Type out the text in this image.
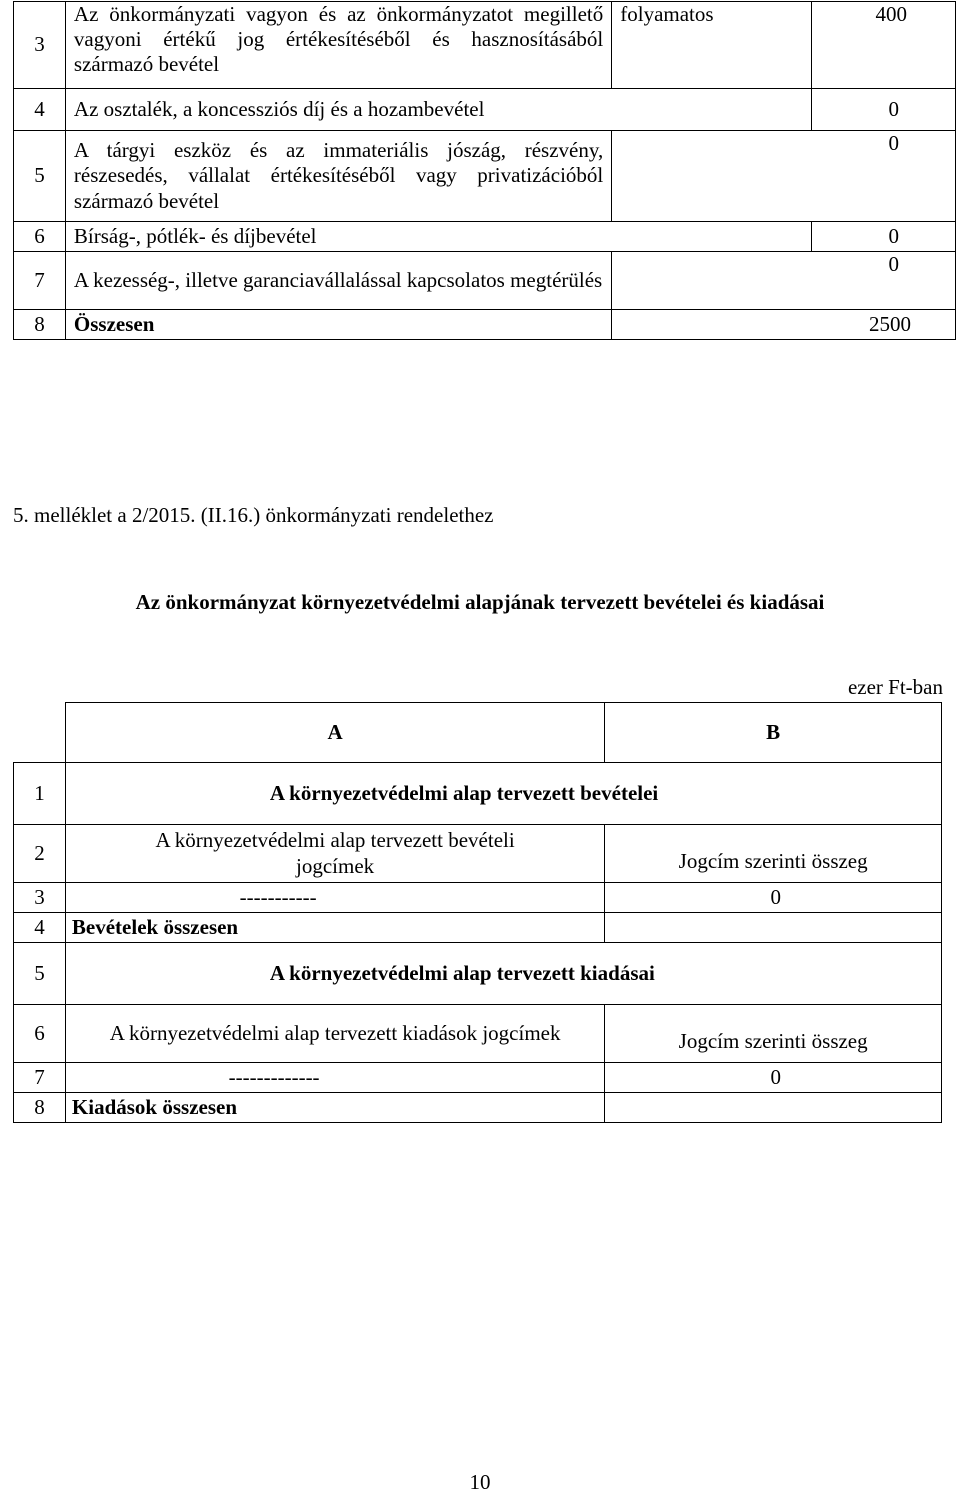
3	Az önkormányzati vagyon és az önkormányzatot megillető vagyoni értékű jog értékesítéséből és hasznosításából származó bevétel	folyamatos	400
4	Az osztalék, a koncessziós díj és a hozambevétel		0
5	A tárgyi eszköz és az immateriális jószág, részvény, részesedés, vállalat értékesítéséből vagy privatizációból származó bevétel	0	
6	Bírság-, pótlék- és díjbevétel		0
7	A kezesség-, illetve garanciavállalással kapcsolatos megtérülés	0	
8	Összesen	2500	
5. melléklet a 2/2015. (II.16.) önkormányzati rendelethez
Az önkormányzat környezetvédelmi alapjának tervezett bevételei és kiadásai
ezer Ft-ban
	A	B
1	A környezetvédelmi alap tervezett bevételei	
2	A környezetvédelmi alap tervezett bevételi jogcímek	Jogcím szerinti összeg
3	-----------	0
4	Bevételek összesen	
5	A környezetvédelmi alap tervezett kiadásai	
6	A környezetvédelmi alap tervezett kiadások jogcímek	Jogcím szerinti összeg
7	-------------	0
8	Kiadások összesen	
10
